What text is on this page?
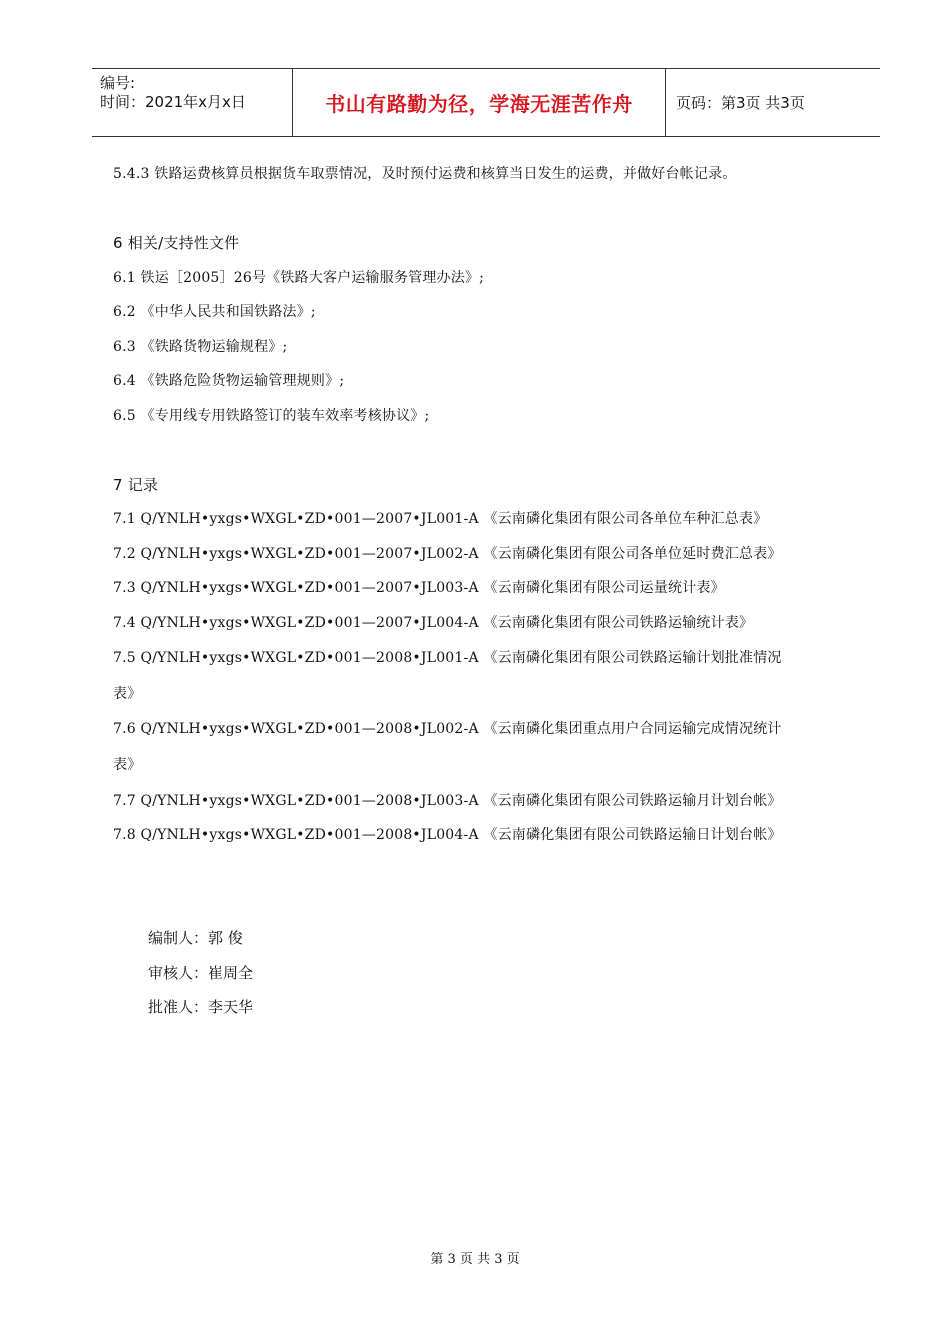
编号:
时间：2021年x月x日	书山有路勤为径，学海无涯苦作舟	页码：第3页 共3页
5.4.3 铁路运费核算员根据货车取票情况，及时预付运费和核算当日发生的运费，并做好台帐记录。
6 相关/支持性文件
6.1 铁运［2005］26号《铁路大客户运输服务管理办法》;
6.2 《中华人民共和国铁路法》;
6.3 《铁路货物运输规程》;
6.4 《铁路危险货物运输管理规则》;
6.5 《专用线专用铁路签订的装车效率考核协议》;
7 记录
7.1 Q/YNLH•yxgs•WXGL•ZD•001—2007•JL001-A 《云南磷化集团有限公司各单位车种汇总表》
7.2 Q/YNLH•yxgs•WXGL•ZD•001—2007•JL002-A 《云南磷化集团有限公司各单位延时费汇总表》
7.3 Q/YNLH•yxgs•WXGL•ZD•001—2007•JL003-A 《云南磷化集团有限公司运量统计表》
7.4 Q/YNLH•yxgs•WXGL•ZD•001—2007•JL004-A 《云南磷化集团有限公司铁路运输统计表》
7.5 Q/YNLH•yxgs•WXGL•ZD•001—2008•JL001-A 《云南磷化集团有限公司铁路运输计划批准情况
表》
7.6 Q/YNLH•yxgs•WXGL•ZD•001—2008•JL002-A 《云南磷化集团重点用户合同运输完成情况统计
表》
7.7 Q/YNLH•yxgs•WXGL•ZD•001—2008•JL003-A 《云南磷化集团有限公司铁路运输月计划台帐》
7.8 Q/YNLH•yxgs•WXGL•ZD•001—2008•JL004-A 《云南磷化集团有限公司铁路运输日计划台帐》
编制人：郭 俊
审核人：崔周全
批准人：李天华
第 3 页 共 3 页
